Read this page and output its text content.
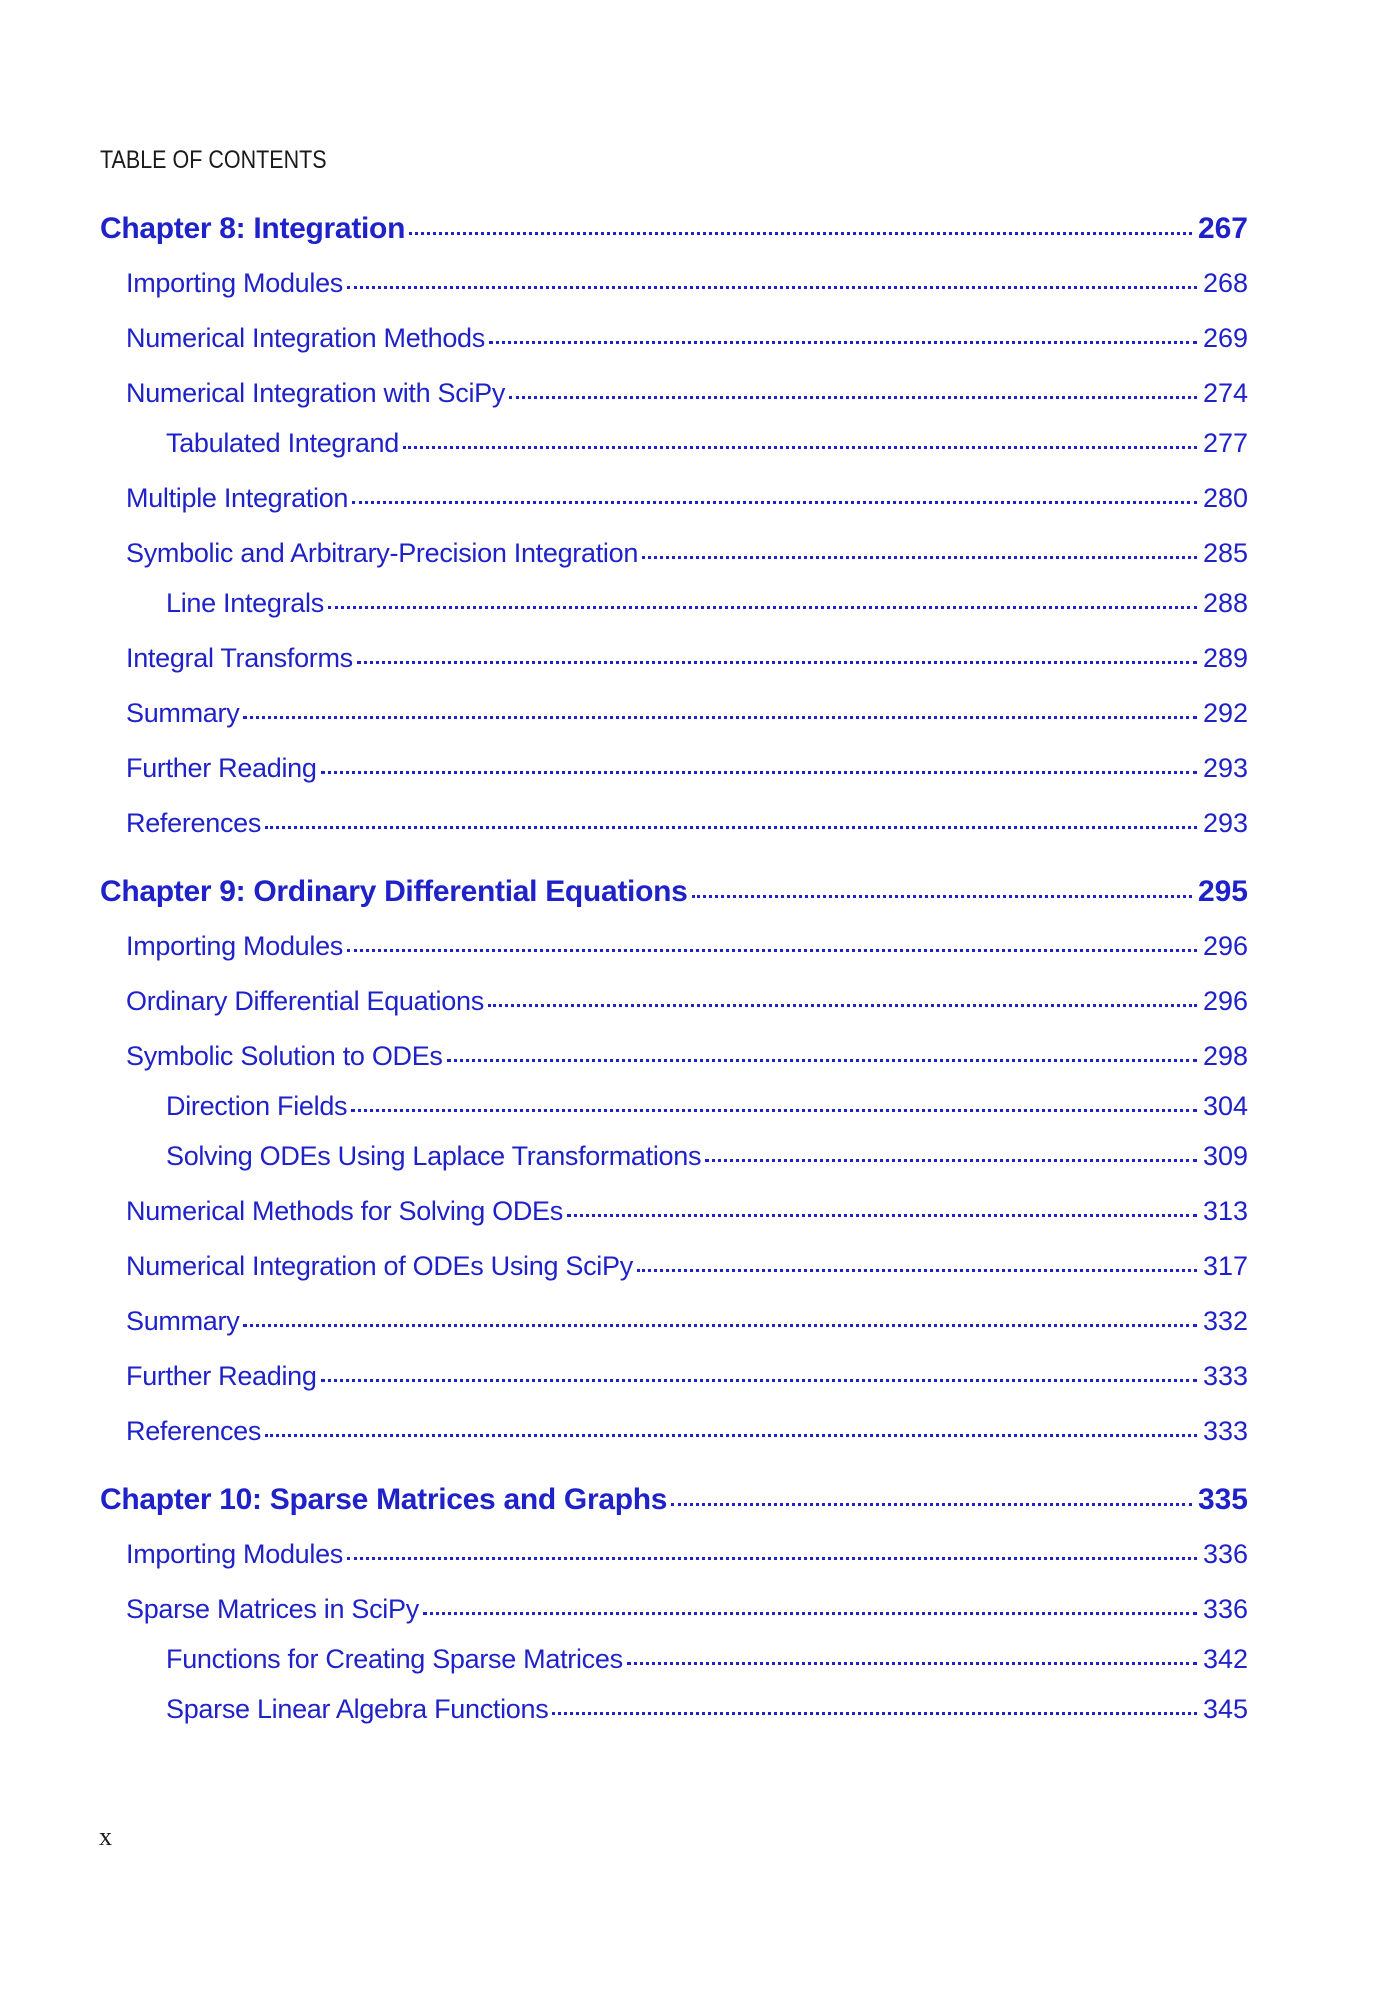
TABLE OF CONTENTS
Chapter 8: Integration	267
Importing Modules	268
Numerical Integration Methods	269
Numerical Integration with SciPy	274
Tabulated Integrand	277
Multiple Integration	280
Symbolic and Arbitrary-Precision Integration	285
Line Integrals	288
Integral Transforms	289
Summary	292
Further Reading	293
References	293
Chapter 9: Ordinary Differential Equations	295
Importing Modules	296
Ordinary Differential Equations	296
Symbolic Solution to ODEs	298
Direction Fields	304
Solving ODEs Using Laplace Transformations	309
Numerical Methods for Solving ODEs	313
Numerical Integration of ODEs Using SciPy	317
Summary	332
Further Reading	333
References	333
Chapter 10: Sparse Matrices and Graphs	335
Importing Modules	336
Sparse Matrices in SciPy	336
Functions for Creating Sparse Matrices	342
Sparse Linear Algebra Functions	345
x
